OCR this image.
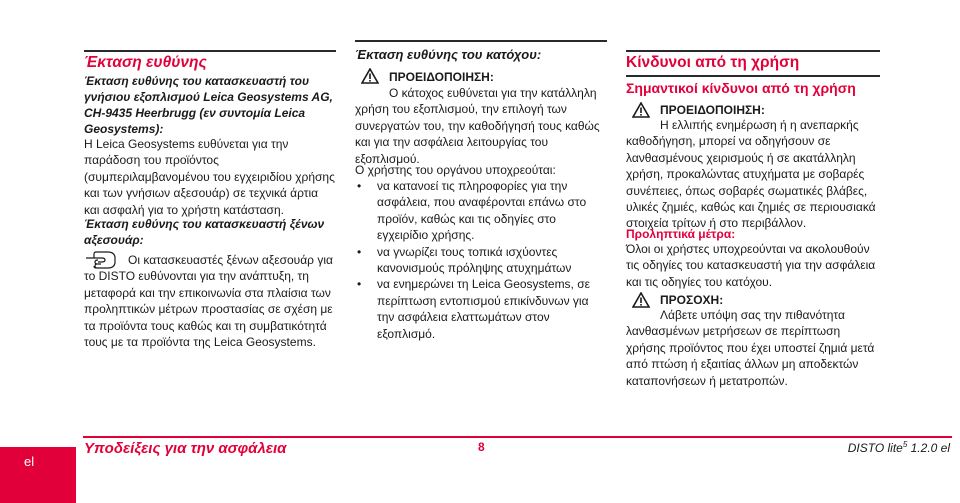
Έκταση ευθύνης
Έκταση ευθύνης του κατασκευαστή του γνήσιου εξοπλισμού Leica Geosystems AG, CH-9435 Heerbrugg (εν συντομία Leica Geosystems):
Η Leica Geosystems ευθύνεται για την παράδοση του προϊόντος (συμπεριλαμβανομένου του εγχειριδίου χρήσης και των γνήσιων αξεσουάρ) σε τεχνικά άρτια και ασφαλή για το χρήστη κατάσταση.
Έκταση ευθύνης του κατασκευαστή ξένων αξεσουάρ:
Οι κατασκευαστές ξένων αξεσουάρ για το DISTO ευθύνονται για την ανάπτυξη, τη μεταφορά και την επικοινωνία στα πλαίσια των προληπτικών μέτρων προστασίας σε σχέση με τα προϊόντα τους καθώς και τη συμβατικότητά τους με τα προϊόντα της Leica Geosystems.
Έκταση ευθύνης του κατόχου:
ΠΡΟΕΙΔΟΠΟΙΗΣΗ:
Ο κάτοχος ευθύνεται για την κατάλληλη χρήση του εξοπλισμού, την επιλογή των συνεργατών του, την καθοδήγησή τους καθώς και για την ασφάλεια λειτουργίας του εξοπλισμού.
Ο χρήστης του οργάνου υποχρεούται:
• να κατανοεί τις πληροφορίες για την ασφάλεια, που αναφέρονται επάνω στο προϊόν, καθώς και τις οδηγίες στο εγχειρίδιο χρήσης.
• να γνωρίζει τους τοπικά ισχύοντες κανονισμούς πρόληψης ατυχημάτων
• να ενημερώνει τη Leica Geosystems, σε περίπτωση εντοπισμού επικίνδυνων για την ασφάλεια ελαττωμάτων στον εξοπλισμό.
Κίνδυνοι από τη χρήση
Σημαντικοί κίνδυνοι από τη χρήση
ΠΡΟΕΙΔΟΠΟΙΗΣΗ:
Η ελλιπής ενημέρωση ή η ανεπαρκής καθοδήγηση, μπορεί να οδηγήσουν σε λανθασμένους χειρισμούς ή σε ακατάλληλη χρήση, προκαλώντας ατυχήματα με σοβαρές συνέπειες, όπως σοβαρές σωματικές βλάβες, υλικές ζημιές, καθώς και ζημιές σε περιουσιακά στοιχεία τρίτων ή στο περιβάλλον.
Προληπτικά μέτρα:
Όλοι οι χρήστες υποχρεούνται να ακολουθούν τις οδηγίες του κατασκευαστή για την ασφάλεια και τις οδηγίες του κατόχου.
ΠΡΟΣΟΧΗ:
Λάβετε υπόψη σας την πιθανότητα λανθασμένων μετρήσεων σε περίπτωση χρήσης προϊόντος που έχει υποστεί ζημιά μετά από πτώση ή εξαιτίας άλλων μη αποδεκτών καταπονήσεων ή μετατροπών.
el
Υποδείξεις για την ασφάλεια	8	DISTO lite$^5$ 1.2.0 el
